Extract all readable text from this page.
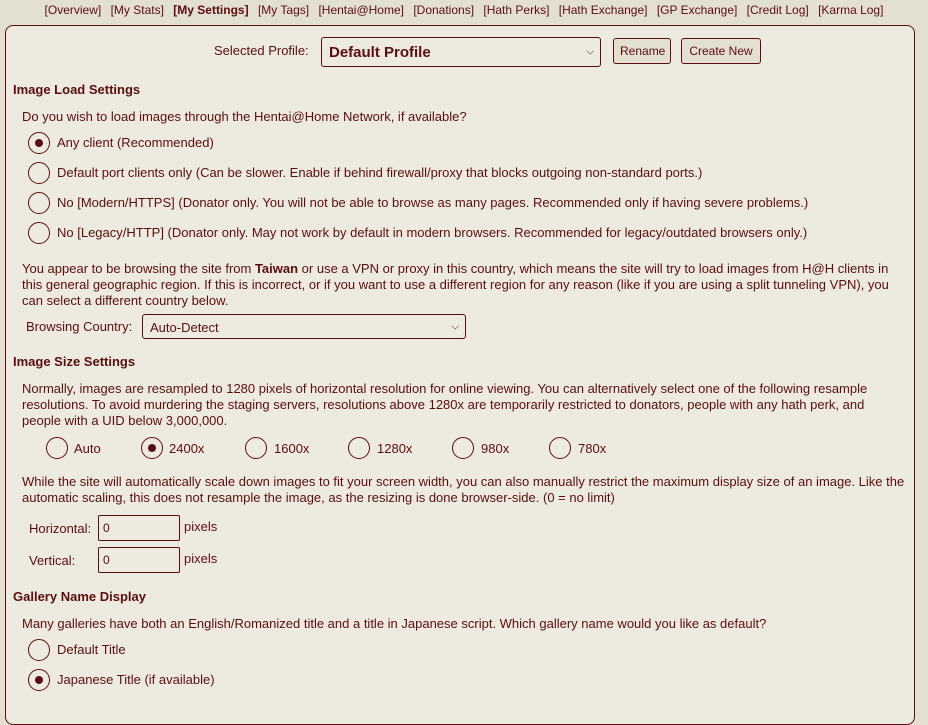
[Overview] [My Stats] [My Settings] [My Tags] [Hentai@Home] [Donations] [Hath Perks] [Hath Exchange] [GP Exchange] [Credit Log] [Karma Log]
Selected Profile: Default Profile	⌵	Rename	Create New
Image Load Settings
Do you wish to load images through the Hentai@Home Network, if available?
Any client (Recommended)
Default port clients only (Can be slower. Enable if behind firewall/proxy that blocks outgoing non-standard ports.)
No [Modern/HTTPS] (Donator only. You will not be able to browse as many pages. Recommended only if having severe problems.)
No [Legacy/HTTP] (Donator only. May not work by default in modern browsers. Recommended for legacy/outdated browsers only.)
You appear to be browsing the site from Taiwan or use a VPN or proxy in this country, which means the site will try to load images from H@H clients in this general geographic region. If this is incorrect, or if you want to use a different region for any reason (like if you are using a split tunneling VPN), you can select a different country below.
Browsing Country: Auto-Detect	⌵
Image Size Settings
Normally, images are resampled to 1280 pixels of horizontal resolution for online viewing. You can alternatively select one of the following resample resolutions. To avoid murdering the staging servers, resolutions above 1280x are temporarily restricted to donators, people with any hath perk, and people with a UID below 3,000,000.
Auto	2400x	1600x	1280x	980x	780x
While the site will automatically scale down images to fit your screen width, you can also manually restrict the maximum display size of an image. Like the automatic scaling, this does not resample the image, as the resizing is done browser-side. (0 = no limit)
Horizontal: 0	pixels
Vertical:	0	pixels
Gallery Name Display
Many galleries have both an English/Romanized title and a title in Japanese script. Which gallery name would you like as default?
Default Title
Japanese Title (if available)
